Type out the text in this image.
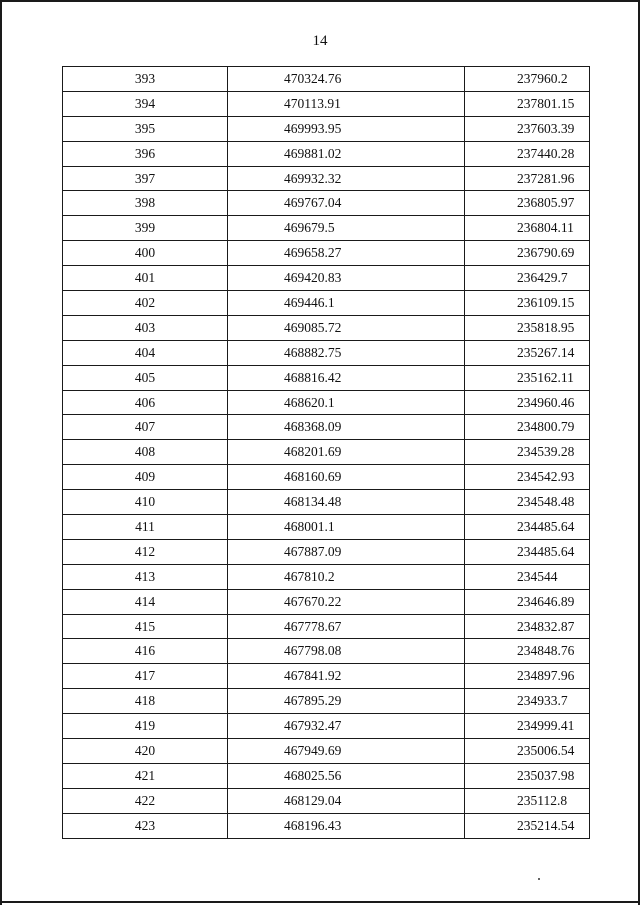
14
393	470324.76	237960.2
394	470113.91	237801.15
395	469993.95	237603.39
396	469881.02	237440.28
397	469932.32	237281.96
398	469767.04	236805.97
399	469679.5	236804.11
400	469658.27	236790.69
401	469420.83	236429.7
402	469446.1	236109.15
403	469085.72	235818.95
404	468882.75	235267.14
405	468816.42	235162.11
406	468620.1	234960.46
407	468368.09	234800.79
408	468201.69	234539.28
409	468160.69	234542.93
410	468134.48	234548.48
411	468001.1	234485.64
412	467887.09	234485.64
413	467810.2	234544
414	467670.22	234646.89
415	467778.67	234832.87
416	467798.08	234848.76
417	467841.92	234897.96
418	467895.29	234933.7
419	467932.47	234999.41
420	467949.69	235006.54
421	468025.56	235037.98
422	468129.04	235112.8
423	468196.43	235214.54
